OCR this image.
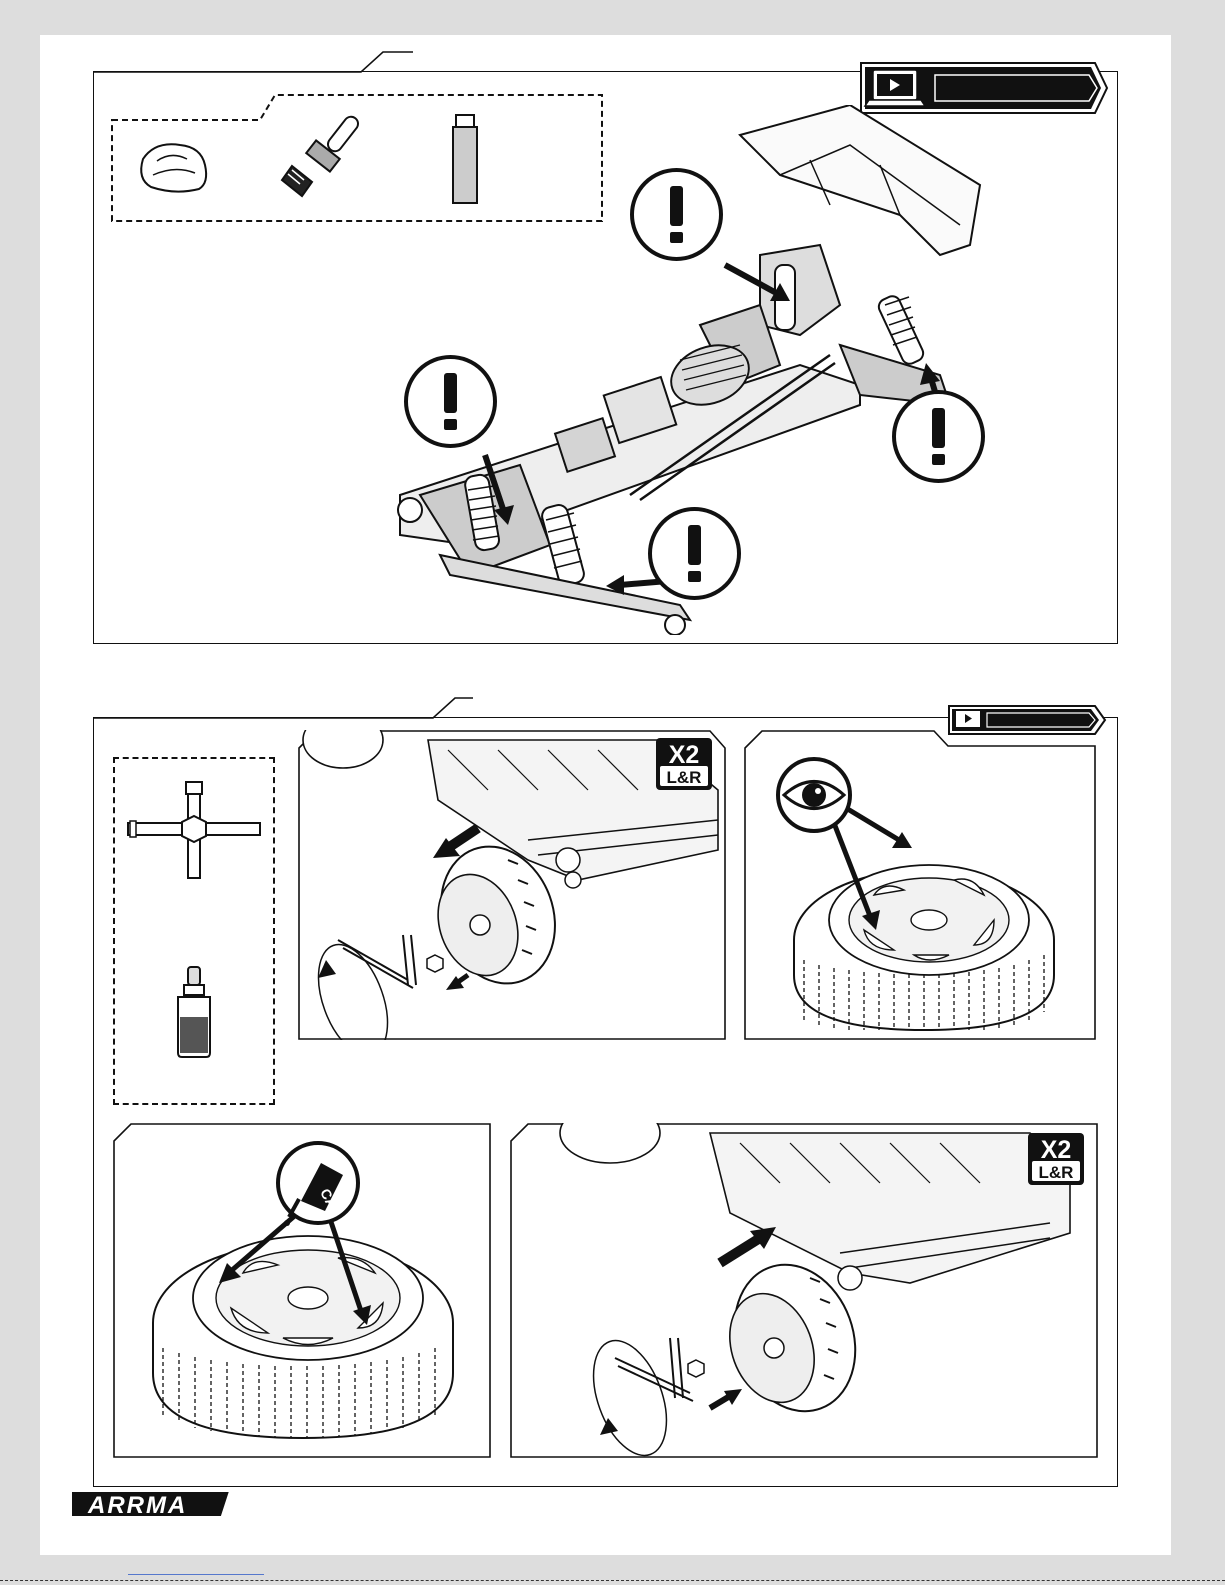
X2
L&R
CA
X2
L&R
ARRMA
